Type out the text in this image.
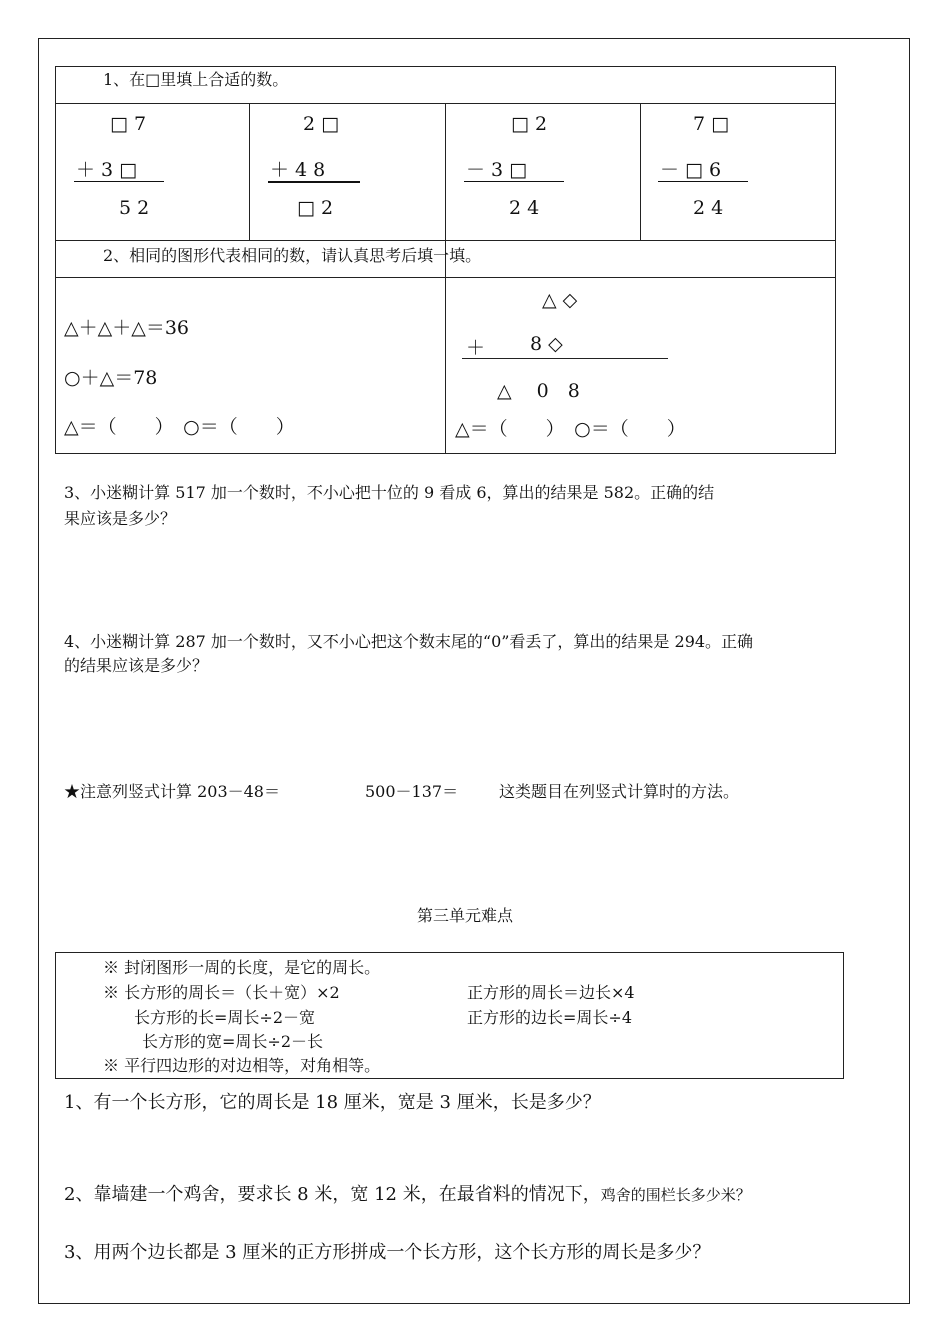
1、在□里填上合适的数。
□ 7
＋ 3 □
5 2
2 □
＋ 4 8
□ 2
□ 2
－ 3 □
2 4
7 □
－ □ 6
2 4
2、相同的图形代表相同的数，请认真思考后填一填。
△＋△＋△＝36
○＋△＝78
△＝（　　）　○＝（　　）
△ ◇
＋ 8 ◇
△　 0　8
△＝（　　）　○＝（　　）
3、小迷糊计算 517 加一个数时，不小心把十位的 9 看成 6，算出的结果是 582。正确的结
果应该是多少？
4、小迷糊计算 287 加一个数时，又不小心把这个数末尾的“0”看丢了，算出的结果是 294。正确
的结果应该是多少？
★注意列竖式计算 203－48＝	500－137＝	这类题目在列竖式计算时的方法。
第三单元难点
※ 封闭图形一周的长度，是它的周长。
※ 长方形的周长＝（长＋宽）×2	正方形的周长＝边长×4
长方形的长=周长÷2－宽	正方形的边长=周长÷4
长方形的宽=周长÷2－长
※ 平行四边形的对边相等，对角相等。
1、有一个长方形，它的周长是 18 厘米，宽是 3 厘米，长是多少？
2、靠墙建一个鸡舍，要求长 8 米，宽 12 米，在最省料的情况下，鸡舍的围栏长多少米？
3、用两个边长都是 3 厘米的正方形拼成一个长方形，这个长方形的周长是多少？
